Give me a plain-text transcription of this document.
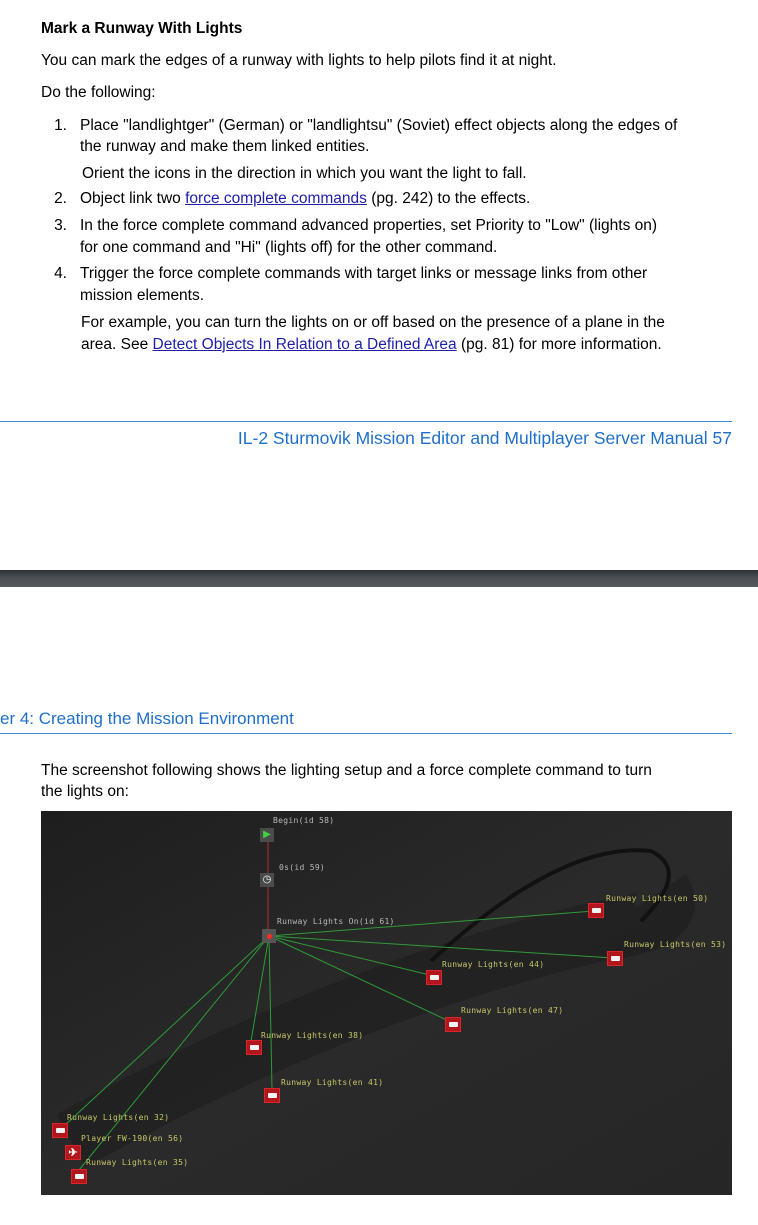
Mark a Runway With Lights

You can mark the edges of a runway with lights to help pilots find it at night.

Do the following:

1. Place "landlightger" (German) or "landlightsu" (Soviet) effect objects along the edges of

the runway and make them linked entities.

Orient the icons in the direction in which you want the light to fall.

2. Object link two force complete commands (pg. 242) to the effects.

3. In the force complete command advanced properties, set Priority to "Low" (lights on)

for one command and "Hi" (lights off) for the other command.

4. Trigger the force complete commands with target links or message links from other

mission elements.

For example, you can turn the lights on or off based on the presence of a plane in the

area. See Detect Objects In Relation to a Defined Area (pg. 81) for more information.

IL-2 Sturmovik Mission Editor and Multiplayer Server Manual 57
er 4: Creating the Mission Environment

The screenshot following shows the lighting setup and a force complete command to turn

the lights on:

▶
Begin(id 58)
◷
0s(id 59)
Runway Lights On(id 61)
Runway Lights(en 50)
Runway Lights(en 53)
Runway Lights(en 44)
Runway Lights(en 47)
Runway Lights(en 38)
Runway Lights(en 41)
Runway Lights(en 32)
✈
Player FW-190(en 56)
Runway Lights(en 35)
